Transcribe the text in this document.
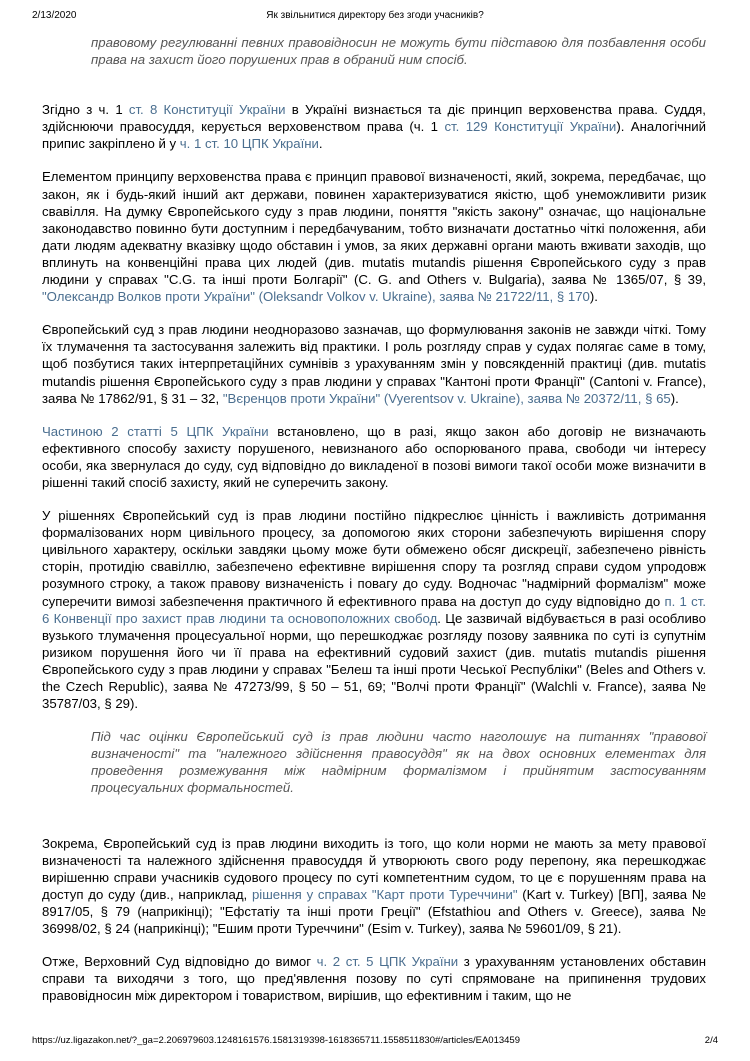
2/13/2020	Як звільнитися директору без згоди учасників?

правовому регулюванні певних правовідносин не можуть бути підставою для позбавлення особи права на захист його порушених прав в обраний ним спосіб.

Згідно з ч. 1 ст. 8 Конституції України в Україні визнається та діє принцип верховенства права. Суддя, здійснюючи правосуддя, керується верховенством права (ч. 1 ст. 129 Конституції України). Аналогічний припис закріплено й у ч. 1 ст. 10 ЦПК України.

Елементом принципу верховенства права є принцип правової визначеності, який, зокрема, передбачає, що закон, як і будь-який інший акт держави, повинен характеризуватися якістю, щоб унеможливити ризик свавілля. На думку Європейського суду з прав людини, поняття "якість закону" означає, що національне законодавство повинно бути доступним і передбачуваним, тобто визначати достатньо чіткі положення, аби дати людям адекватну вказівку щодо обставин і умов, за яких державні органи мають вживати заходів, що вплинуть на конвенційні права цих людей (див. mutatis mutandis рішення Європейського суду з прав людини у справах "C.G. та інші проти Болгарії" (C. G. and Others v. Bulgaria), заява № 1365/07, § 39, "Олександр Волков проти України" (Oleksandr Volkov v. Ukraine), заява № 21722/11, § 170).

Європейський суд з прав людини неодноразово зазначав, що формулювання законів не завжди чіткі. Тому їх тлумачення та застосування залежить від практики. І роль розгляду справ у судах полягає саме в тому, щоб позбутися таких інтерпретаційних сумнівів з урахуванням змін у повсякденній практиці (див. mutatis mutandis рішення Європейського суду з прав людини у справах "Кантоні проти Франції" (Cantoni v. France), заява № 17862/91, § 31 – 32, "Вєренцов проти України" (Vyerentsov v. Ukraine), заява № 20372/11, § 65).

Частиною 2 статті 5 ЦПК України встановлено, що в разі, якщо закон або договір не визначають ефективного способу захисту порушеного, невизнаного або оспорюваного права, свободи чи інтересу особи, яка звернулася до суду, суд відповідно до викладеної в позові вимоги такої особи може визначити в рішенні такий спосіб захисту, який не суперечить закону.

У рішеннях Європейський суд із прав людини постійно підкреслює цінність і важливість дотримання формалізованих норм цивільного процесу, за допомогою яких сторони забезпечують вирішення спору цивільного характеру, оскільки завдяки цьому може бути обмежено обсяг дискреції, забезпечено рівність сторін, протидію свавіллю, забезпечено ефективне вирішення спору та розгляд справи судом упродовж розумного строку, а також правову визначеність і повагу до суду. Водночас "надмірний формалізм" може суперечити вимозі забезпечення практичного й ефективного права на доступ до суду відповідно до п. 1 ст. 6 Конвенції про захист прав людини та основоположних свобод. Це зазвичай відбувається в разі особливо вузького тлумачення процесуальної норми, що перешкоджає розгляду позову заявника по суті із супутнім ризиком порушення його чи її права на ефективний судовий захист (див. mutatis mutandis рішення Європейського суду з прав людини у справах "Белеш та інші проти Чеської Республіки" (Beles and Others v. the Czech Republic), заява № 47273/99, § 50 – 51, 69; "Волчі проти Франції" (Walchli v. France), заява № 35787/03, § 29).

Під час оцінки Європейський суд із прав людини часто наголошує на питаннях "правової визначеності" та "належного здійснення правосуддя" як на двох основних елементах для проведення розмежування між надмірним формалізмом і прийнятим застосуванням процесуальних формальностей.

Зокрема, Європейський суд із прав людини виходить із того, що коли норми не мають за мету правової визначеності та належного здійснення правосуддя й утворюють свого роду перепону, яка перешкоджає вирішенню справи учасників судового процесу по суті компетентним судом, то це є порушенням права на доступ до суду (див., наприклад, рішення у справах "Карт проти Туреччини" (Kart v. Turkey) [ВП], заява № 8917/05, § 79 (наприкінці); "Ефстатіу та інші проти Греції" (Efstathiou and Others v. Greece), заява № 36998/02, § 24 (наприкінці); "Ешим проти Туреччини" (Esim v. Turkey), заява № 59601/09, § 21).

Отже, Верховний Суд відповідно до вимог ч. 2 ст. 5 ЦПК України з урахуванням установлених обставин справи та виходячи з того, що пред'явлення позову по суті спрямоване на припинення трудових правовідносин між директором і товариством, вирішив, що ефективним і таким, що не

https://uz.ligazakon.net/?_ga=2.206979603.1248161576.1581319398-1618365711.1558511830#/articles/EA013459	2/4
